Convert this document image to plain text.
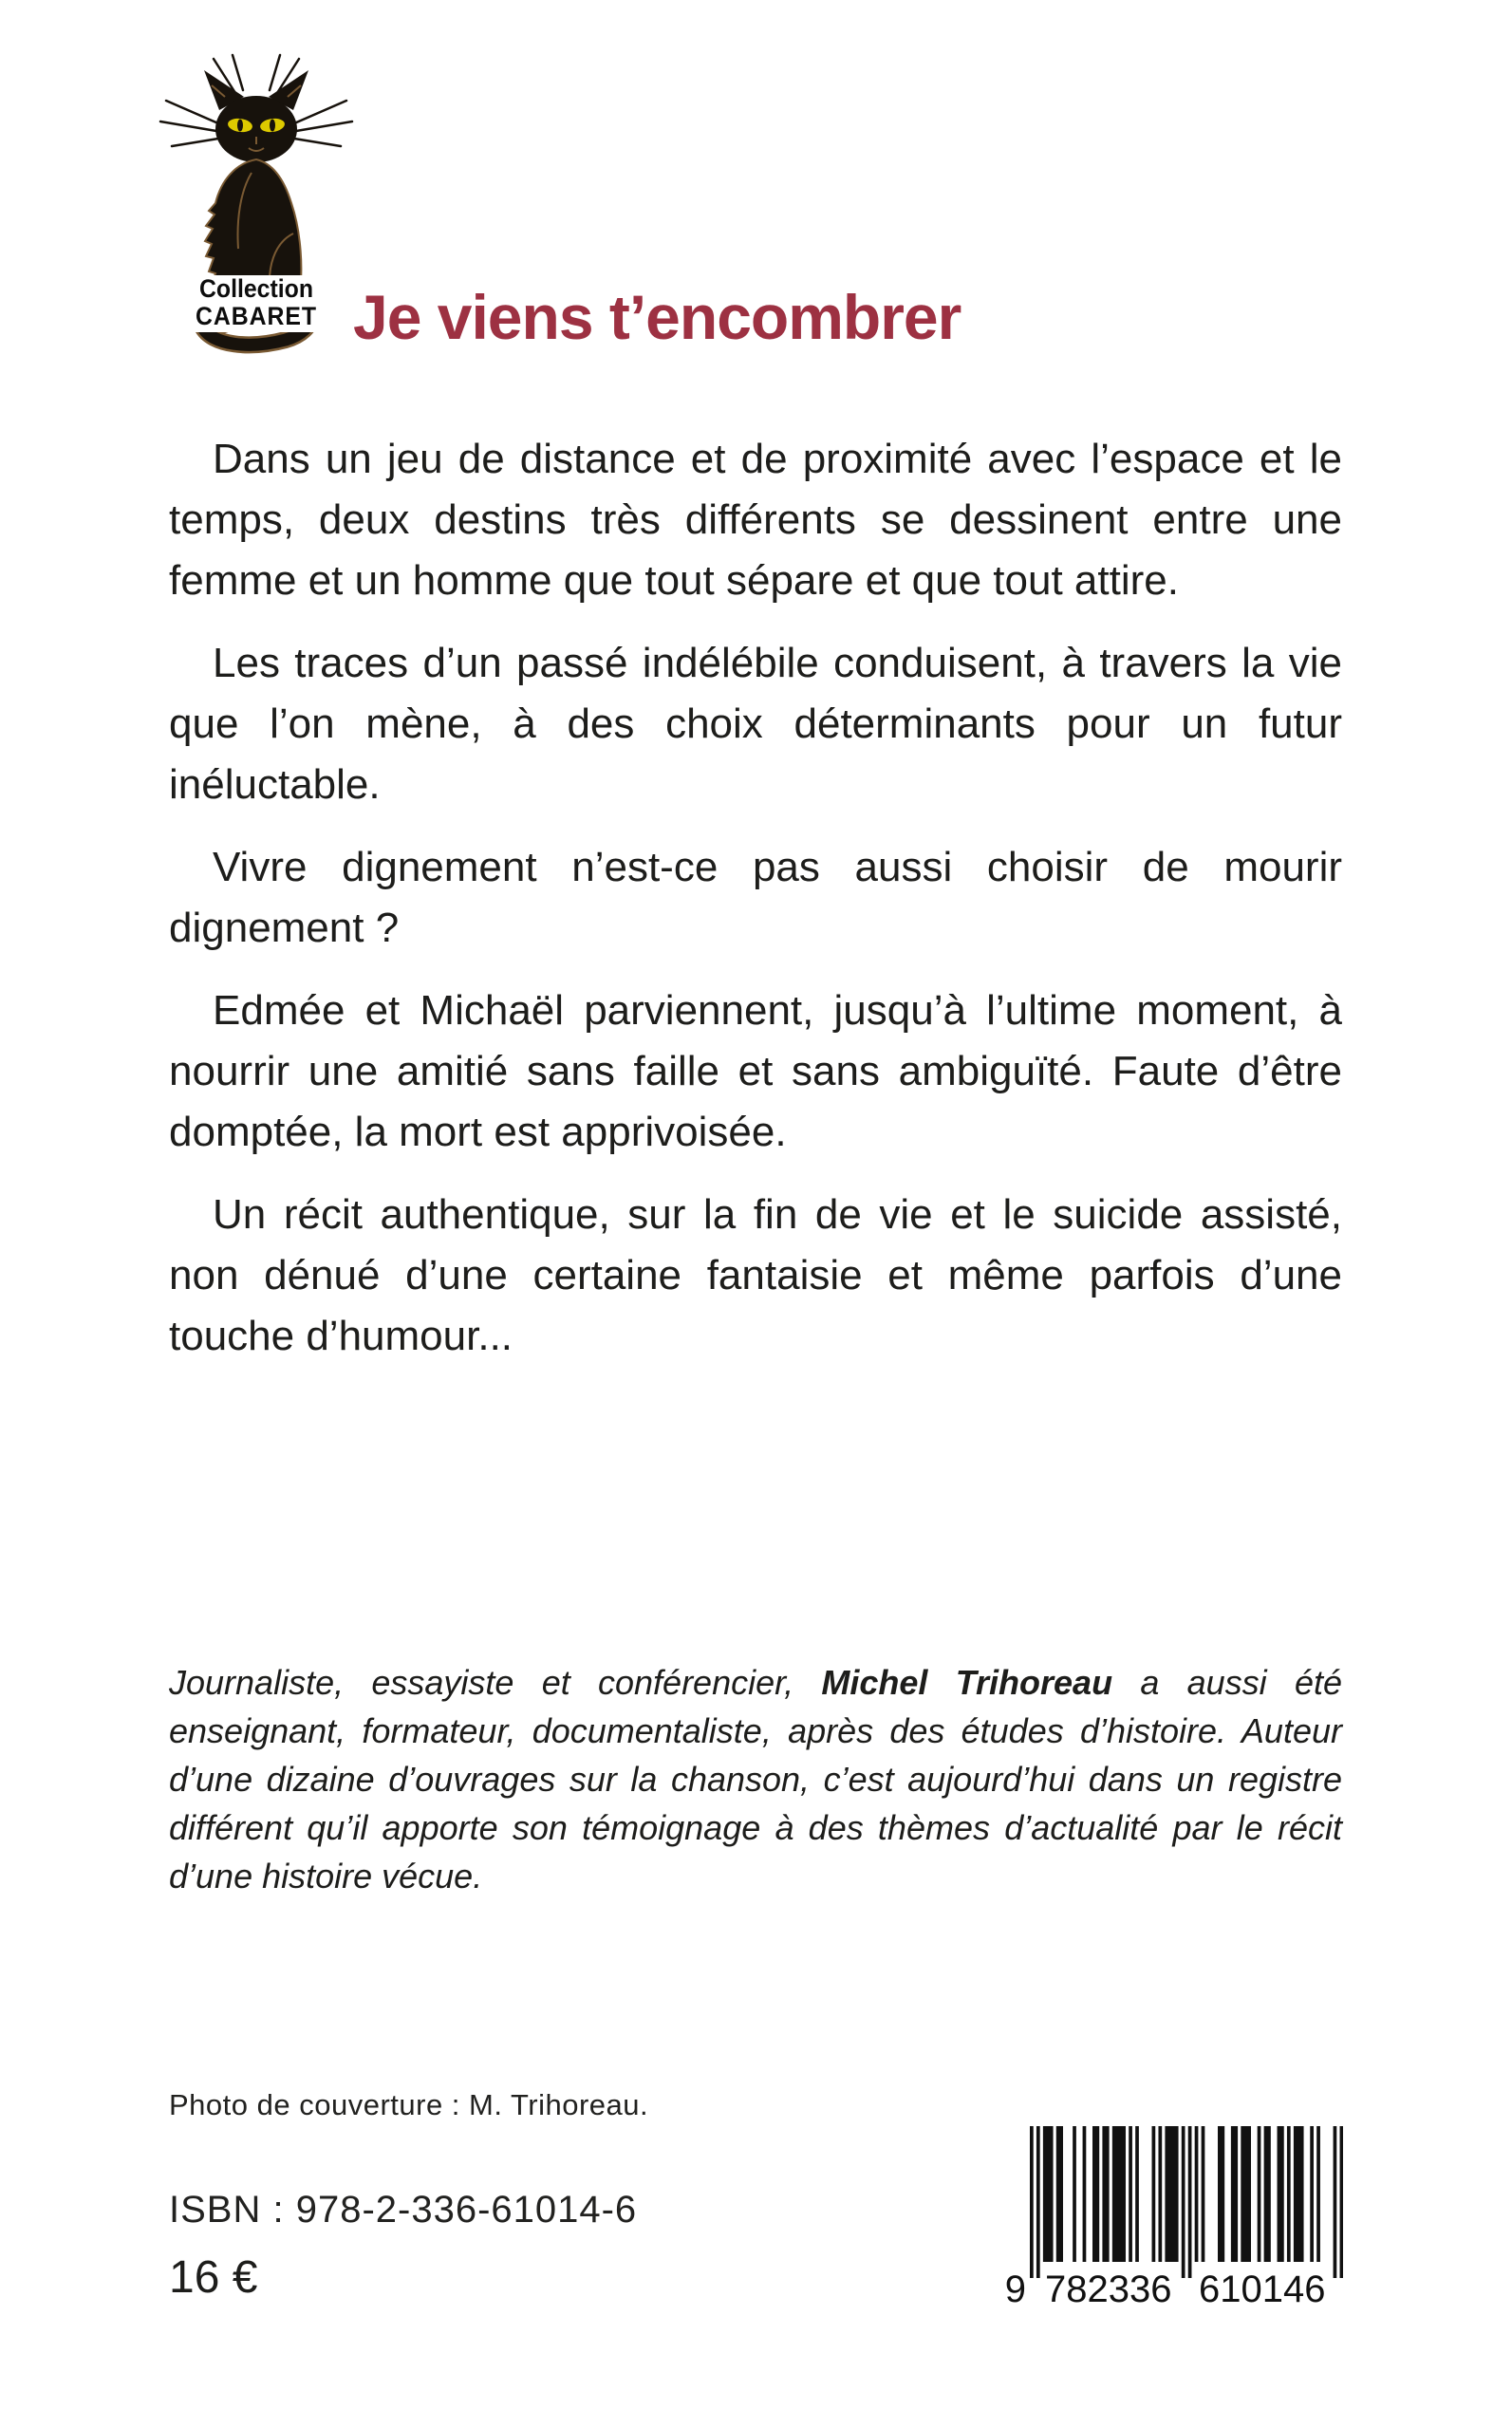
Collection
CABARET Je viens t’encombrer

Dans un jeu de distance et de proximité avec l’espace et le temps, deux destins très différents se dessinent entre une femme et un homme que tout sépare et que tout attire.

Les traces d’un passé indélébile conduisent, à travers la vie que l’on mène, à des choix déterminants pour un futur inéluctable.

Vivre dignement n’est-ce pas aussi choisir de mourir dignement ?

Edmée et Michaël parviennent, jusqu’à l’ultime moment, à nourrir une amitié sans faille et sans ambiguïté. Faute d’être domptée, la mort est apprivoisée.

Un récit authentique, sur la fin de vie et le suicide assisté, non dénué d’une certaine fantaisie et même parfois d’une touche d’humour...

Journaliste, essayiste et conférencier, Michel Trihoreau a aussi été enseignant, formateur, documentaliste, après des études d’histoire. Auteur d’une dizaine d’ouvrages sur la chanson, c’est aujourd’hui dans un registre différent qu’il apporte son témoignage à des thèmes d’actualité par le récit d’une histoire vécue.
Photo de couverture : M. Trihoreau.
ISBN : 978-2-336-61014-6
16 €	9 7 8 2 3 3 6 6 1 0 1 4 6
